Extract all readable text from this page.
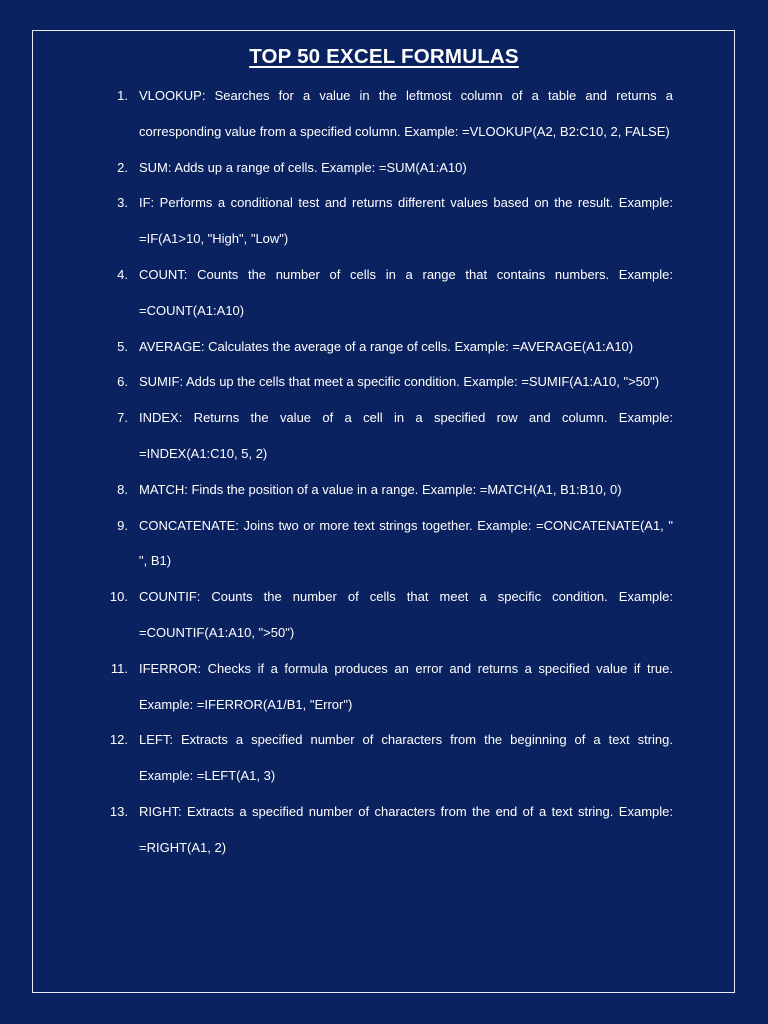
TOP 50 EXCEL FORMULAS
1. VLOOKUP: Searches for a value in the leftmost column of a table and returns a corresponding value from a specified column. Example: =VLOOKUP(A2, B2:C10, 2, FALSE)
2. SUM: Adds up a range of cells. Example: =SUM(A1:A10)
3. IF: Performs a conditional test and returns different values based on the result. Example: =IF(A1>10, "High", "Low")
4. COUNT: Counts the number of cells in a range that contains numbers. Example: =COUNT(A1:A10)
5. AVERAGE: Calculates the average of a range of cells. Example: =AVERAGE(A1:A10)
6. SUMIF: Adds up the cells that meet a specific condition. Example: =SUMIF(A1:A10, ">50")
7. INDEX: Returns the value of a cell in a specified row and column. Example: =INDEX(A1:C10, 5, 2)
8. MATCH: Finds the position of a value in a range. Example: =MATCH(A1, B1:B10, 0)
9. CONCATENATE: Joins two or more text strings together. Example: =CONCATENATE(A1, " ", B1)
10. COUNTIF: Counts the number of cells that meet a specific condition. Example: =COUNTIF(A1:A10, ">50")
11. IFERROR: Checks if a formula produces an error and returns a specified value if true. Example: =IFERROR(A1/B1, "Error")
12. LEFT: Extracts a specified number of characters from the beginning of a text string. Example: =LEFT(A1, 3)
13. RIGHT: Extracts a specified number of characters from the end of a text string. Example: =RIGHT(A1, 2)
